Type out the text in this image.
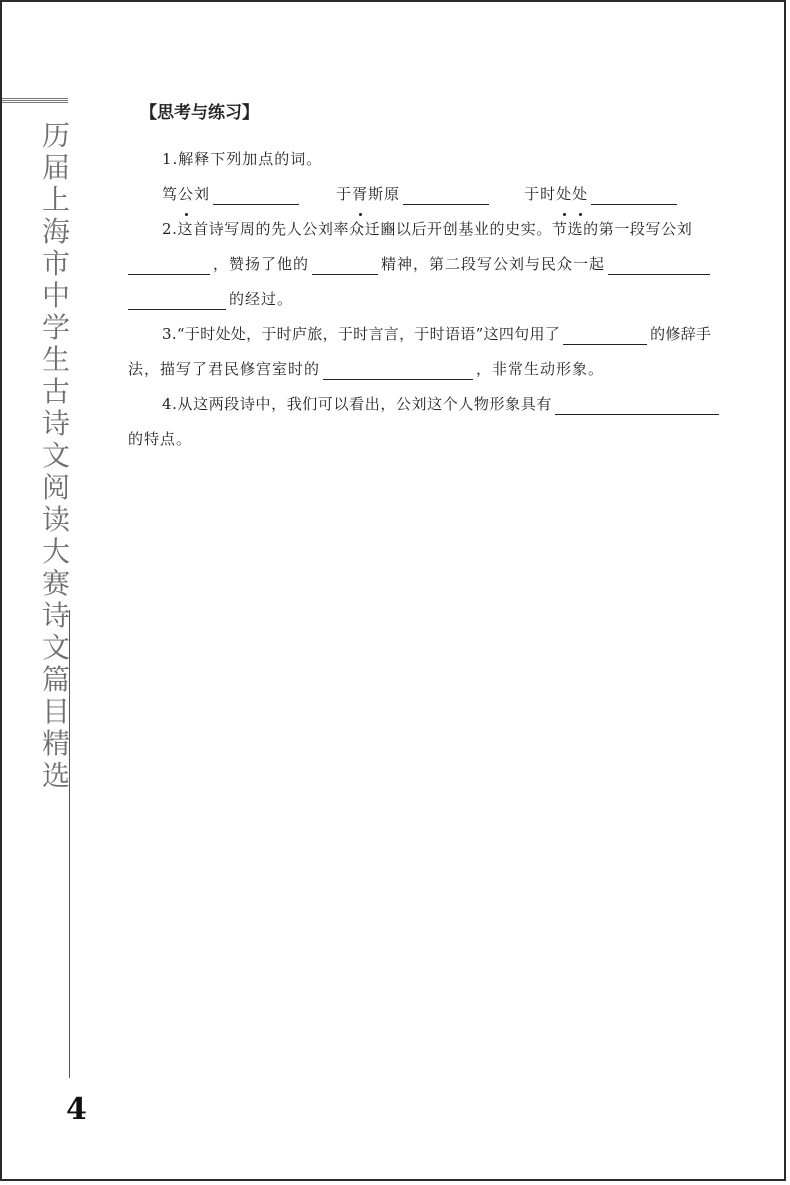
历届上海市中学生古诗文阅读大赛诗文篇目精选
4
【思考与练习】
1.解释下列加点的词。
笃公刘	于胥斯原	于时处处
2.这首诗写周的先人公刘率众迁豳以后开创基业的史实。节选的第一段写公刘
，赞扬了他的	精神，第二段写公刘与民众一起
的经过。
3.“于时处处，于时庐旅，于时言言，于时语语”这四句用了	的修辞手
法，描写了君民修宫室时的	，非常生动形象。
4.从这两段诗中，我们可以看出，公刘这个人物形象具有
的特点。
